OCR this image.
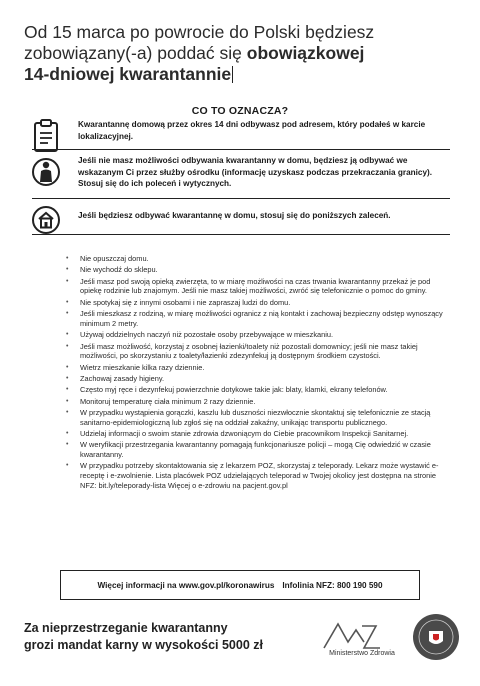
Od 15 marca po powrocie do Polski będziesz
zobowiązany(-a) poddać się obowiązkowej
14-dniowej kwarantannie
CO TO OZNACZA?
Kwarantannę domową przez okres 14 dni odbywasz pod adresem, który podałeś w karcie lokalizacyjnej.
Jeśli nie masz możliwości odbywania kwarantanny w domu, będziesz ją odbywać we wskazanym Ci przez służby ośrodku (informację uzyskasz podczas przekraczania granicy). Stosuj się do ich poleceń i wytycznych.
Jeśli będziesz odbywać kwarantannę w domu, stosuj się do poniższych zaleceń.
• Nie opuszczaj domu.
• Nie wychodź do sklepu.
• Jeśli masz pod swoją opieką zwierzęta, to w miarę możliwości na czas trwania kwarantanny przekaż je pod opiekę rodzinie lub znajomym. Jeśli nie masz takiej możliwości, zwróć się telefonicznie o pomoc do gminy.
• Nie spotykaj się z innymi osobami i nie zapraszaj ludzi do domu.
• Jeśli mieszkasz z rodziną, w miarę możliwości ogranicz z nią kontakt i zachowaj bezpieczny odstęp wynoszący minimum 2 metry.
• Używaj oddzielnych naczyń niż pozostałe osoby przebywające w mieszkaniu.
• Jeśli masz możliwość, korzystaj z osobnej łazienki/toalety niż pozostali domownicy; jeśli nie masz takiej możliwości, po skorzystaniu z toalety/łazienki zdezynfekuj ją dostępnym środkiem czystości.
• Wietrz mieszkanie kilka razy dziennie.
• Zachowaj zasady higieny.
• Często myj ręce i dezynfekuj powierzchnie dotykowe takie jak: blaty, klamki, ekrany telefonów.
• Monitoruj temperaturę ciała minimum 2 razy dziennie.
• W przypadku wystąpienia gorączki, kaszlu lub duszności niezwłocznie skontaktuj się telefonicznie ze stacją sanitarno-epidemiologiczną lub zgłoś się na oddział zakaźny, unikając transportu publicznego.
• Udzielaj informacji o swoim stanie zdrowia dzwoniącym do Ciebie pracownikom Inspekcji Sanitarnej.
• W weryfikacji przestrzegania kwarantanny pomagają funkcjonariusze policji – mogą Cię odwiedzić w czasie kwarantanny.
• W przypadku potrzeby skontaktowania się z lekarzem POZ, skorzystaj z teleporady. Lekarz może wystawić e-receptę i e-zwolnienie. Lista placówek POZ udzielających teleporad w Twojej okolicy jest dostępna na stronie NFZ: bit.ly/teleporady-lista Więcej o e-zdrowiu na pacjent.gov.pl
Więcej informacji na www.gov.pl/koronawirus Infolinia NFZ: 800 190 590
Za nieprzestrzeganie kwarantanny
grozi mandat karny w wysokości 5000 zł
Ministerstwo Zdrowia
